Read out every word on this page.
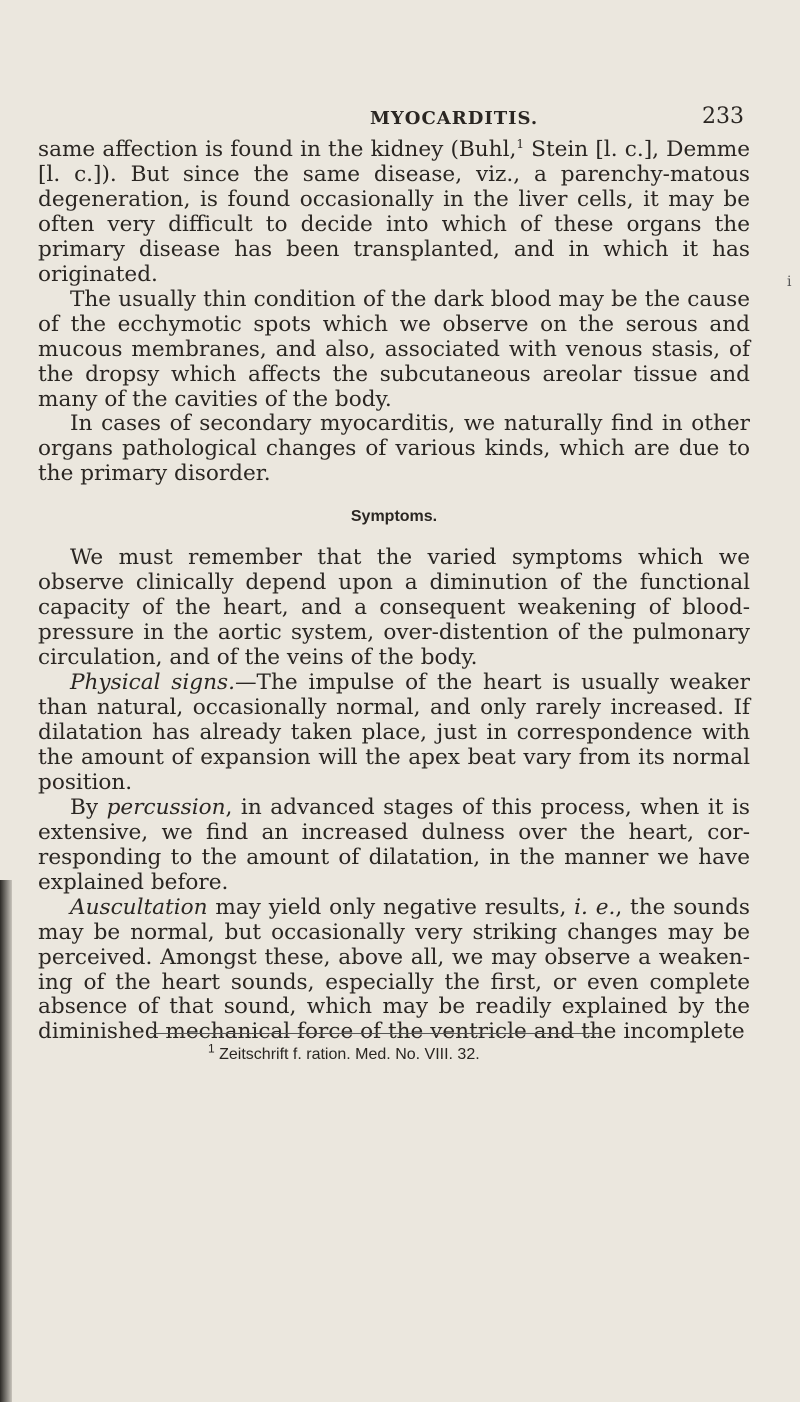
i
MYOCARDITIS.	233

same affection is found in the kidney (Buhl,$^1$ Stein [l. c.], Demme [l. c.]). But since the same disease, viz., a parenchy-matous degeneration, is found occasionally in the liver cells, it may be often very difficult to decide into which of these organs the primary disease has been transplanted, and in which it has originated.

The usually thin condition of the dark blood may be the cause of the ecchymotic spots which we observe on the serous and mucous membranes, and also, associated with venous stasis, of the dropsy which affects the subcutaneous areolar tissue and many of the cavities of the body.

In cases of secondary myocarditis, we naturally find in other organs pathological changes of various kinds, which are due to the primary disorder.

Symptoms.

We must remember that the varied symptoms which we observe clinically depend upon a diminution of the functional capacity of the heart, and a consequent weakening of blood-pressure in the aortic system, over-distention of the pulmonary circulation, and of the veins of the body.

Physical signs.—The impulse of the heart is usually weaker than natural, occasionally normal, and only rarely increased. If dilatation has already taken place, just in correspondence with the amount of expansion will the apex beat vary from its normal position.

By percussion, in advanced stages of this process, when it is extensive, we find an increased dulness over the heart, cor-responding to the amount of dilatation, in the manner we have explained before.

Auscultation may yield only negative results, i. e., the sounds may be normal, but occasionally very striking changes may be perceived. Amongst these, above all, we may observe a weaken-ing of the heart sounds, especially the first, or even complete absence of that sound, which may be readily explained by the diminished mechanical force of the ventricle and the incomplete

$^1$ Zeitschrift f. ration. Med. No. VIII. 32.
